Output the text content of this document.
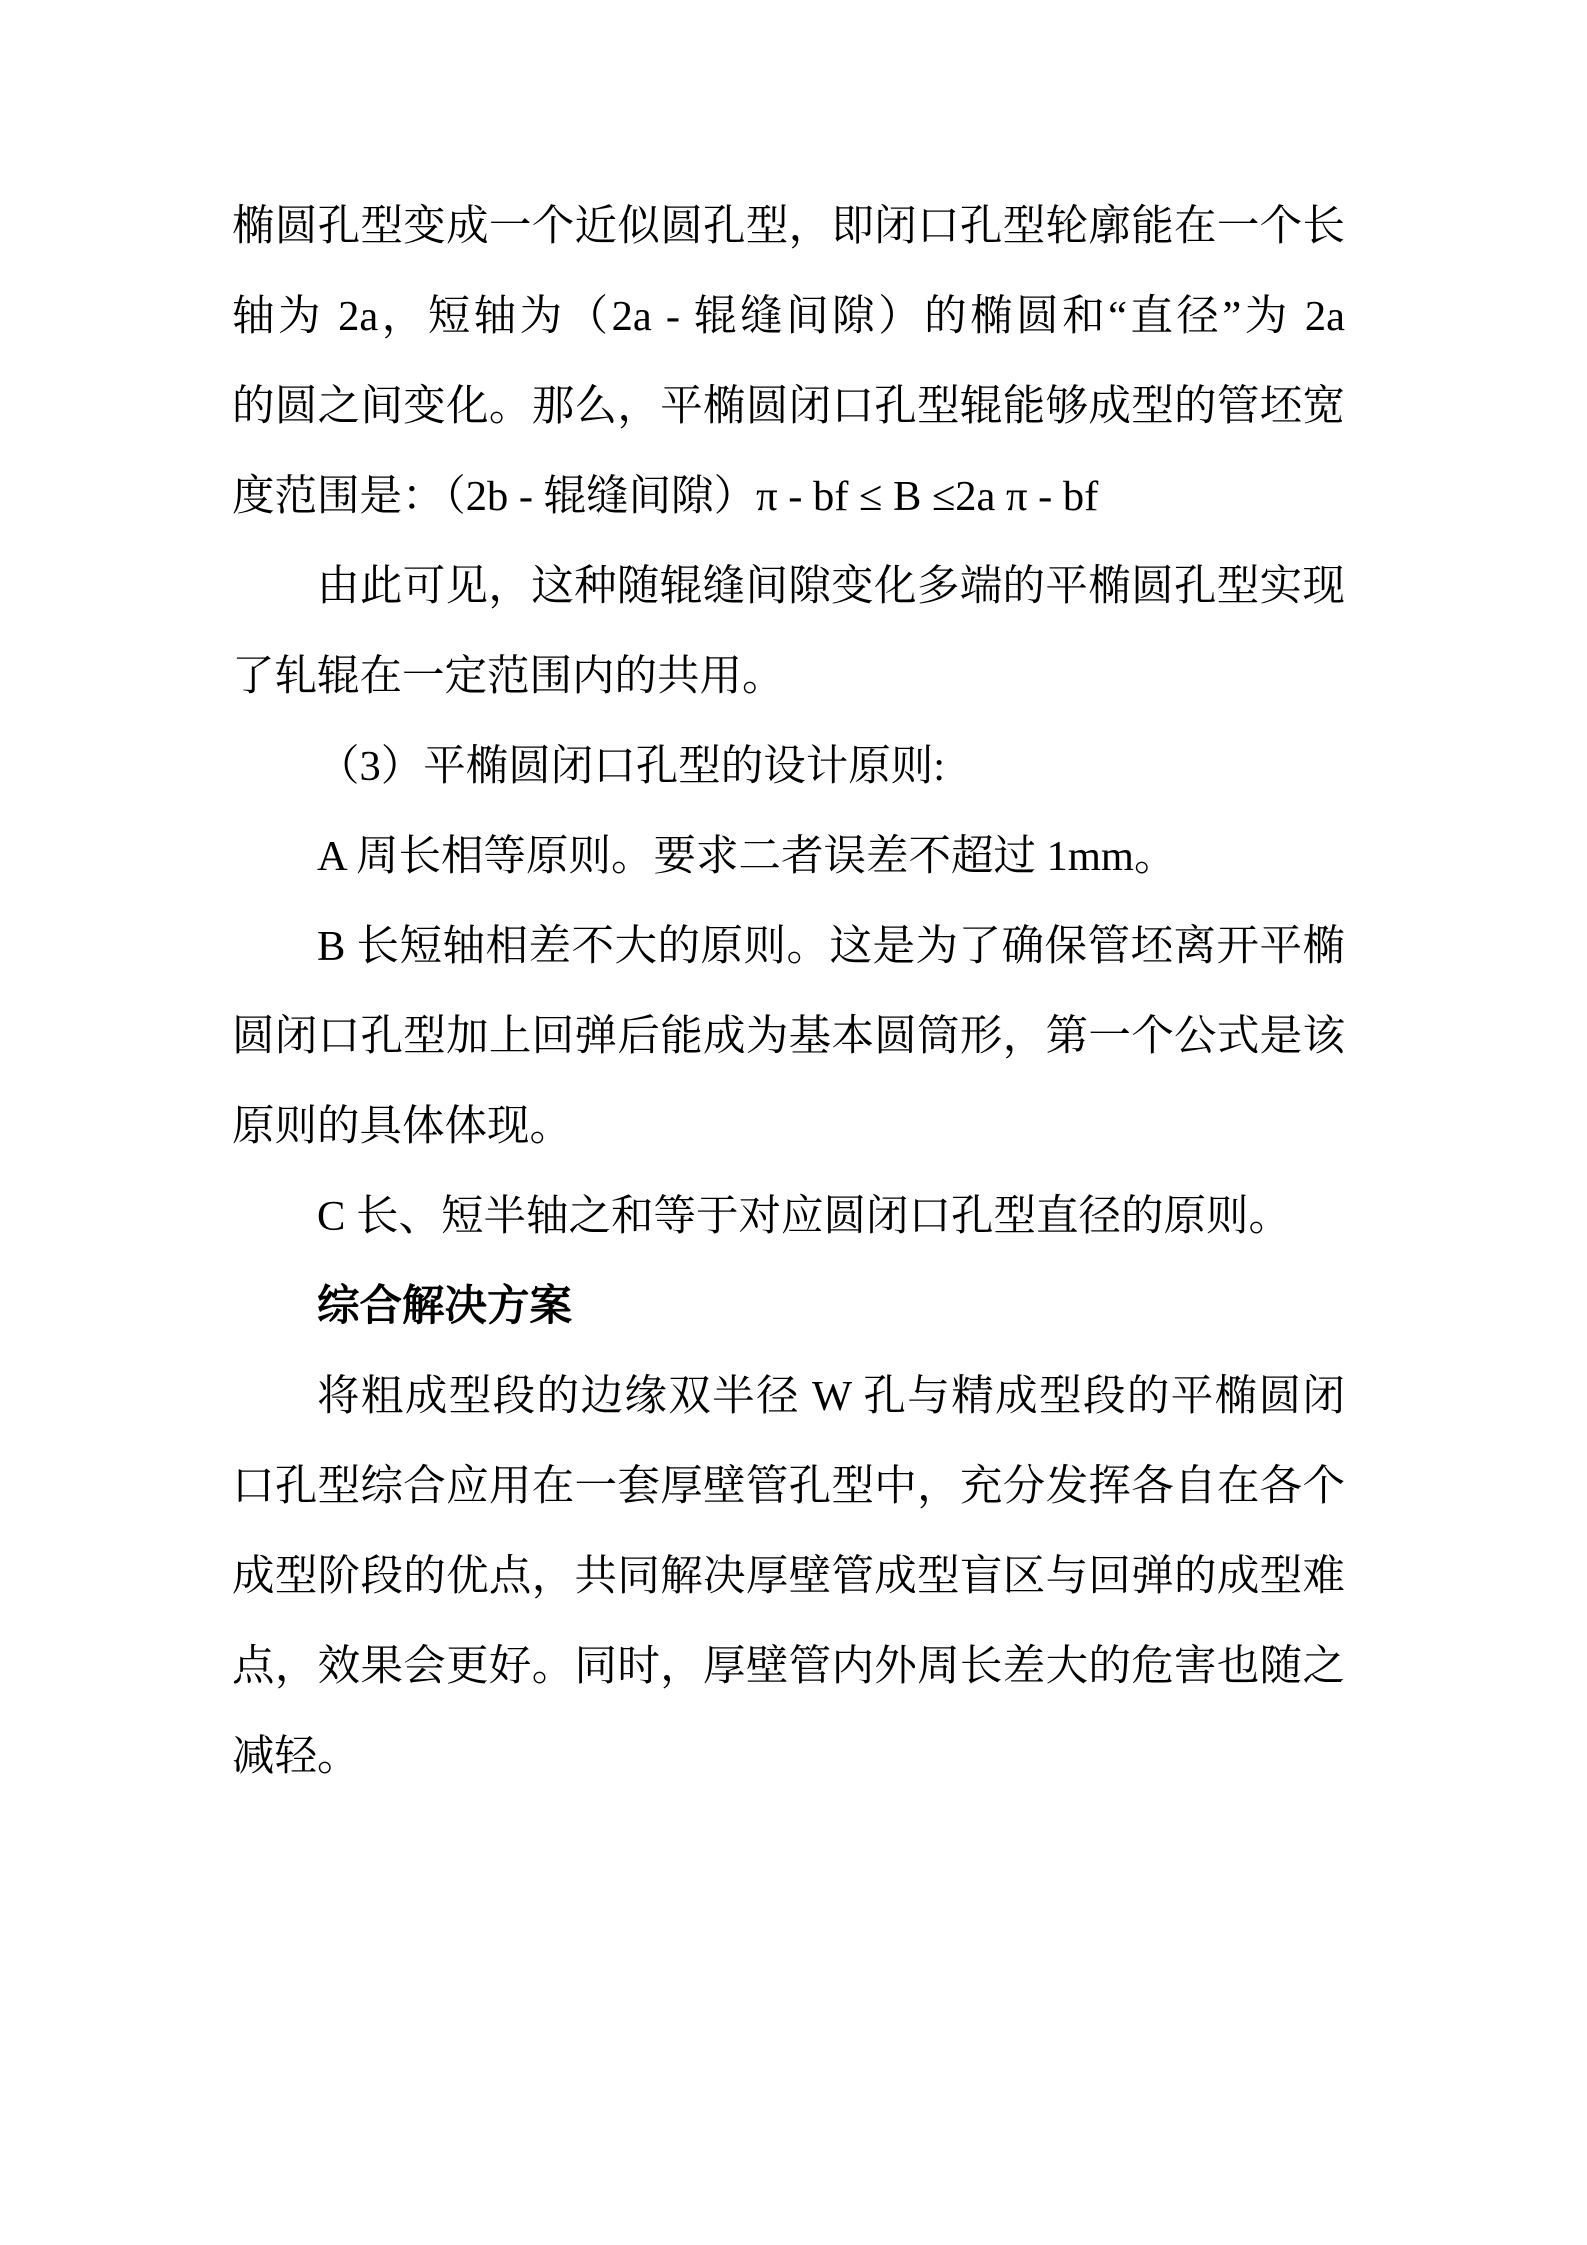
椭圆孔型变成一个近似圆孔型，即闭口孔型轮廓能在一个长
轴为 2a，短轴为（2a - 辊缝间隙）的椭圆和“直径”为 2a
的圆之间变化。那么，平椭圆闭口孔型辊能够成型的管坯宽
度范围是：（2b - 辊缝间隙）π - bf ≤ B ≤2a π - bf
由此可见，这种随辊缝间隙变化多端的平椭圆孔型实现
了轧辊在一定范围内的共用。
（3）平椭圆闭口孔型的设计原则:
A 周长相等原则。要求二者误差不超过 1mm。
B 长短轴相差不大的原则。这是为了确保管坯离开平椭
圆闭口孔型加上回弹后能成为基本圆筒形，第一个公式是该
原则的具体体现。
C 长、短半轴之和等于对应圆闭口孔型直径的原则。
综合解决方案
将粗成型段的边缘双半径 W 孔与精成型段的平椭圆闭
口孔型综合应用在一套厚壁管孔型中，充分发挥各自在各个
成型阶段的优点，共同解决厚壁管成型盲区与回弹的成型难
点，效果会更好。同时，厚壁管内外周长差大的危害也随之
减轻。
